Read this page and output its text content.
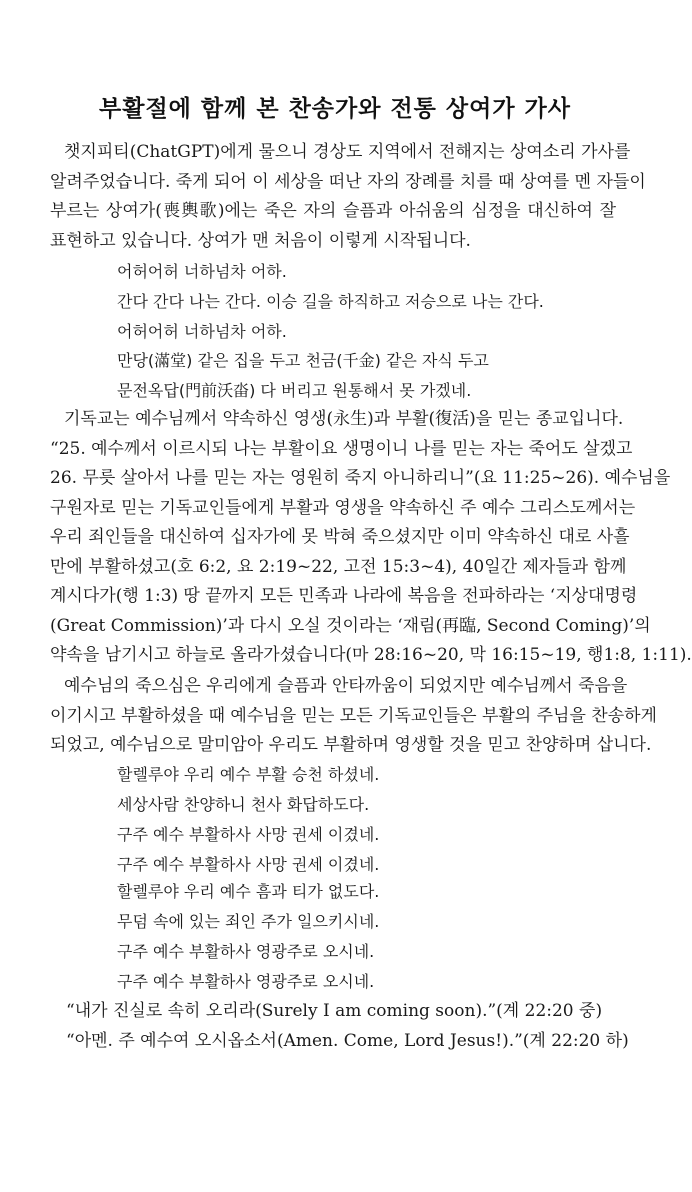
부활절에 함께 본 찬송가와 전통 상여가 가사

챗지피티(ChatGPT)에게 물으니 경상도 지역에서 전해지는 상여소리 가사를
알려주었습니다. 죽게 되어 이 세상을 떠난 자의 장례를 치를 때 상여를 멘 자들이
부르는 상여가(喪輿歌)에는 죽은 자의 슬픔과 아쉬움의 심정을 대신하여 잘
표현하고 있습니다. 상여가 맨 처음이 이렇게 시작됩니다.

어허어허 너하넘차 어하.
간다 간다 나는 간다. 이승 길을 하직하고 저승으로 나는 간다.
어허어허 너하넘차 어하.
만당(滿堂) 같은 집을 두고 천금(千金) 같은 자식 두고
문전옥답(門前沃畓) 다 버리고 원통해서 못 가겠네.

기독교는 예수님께서 약속하신 영생(永生)과 부활(復活)을 믿는 종교입니다.
“25. 예수께서 이르시되 나는 부활이요 생명이니 나를 믿는 자는 죽어도 살겠고
26. 무릇 살아서 나를 믿는 자는 영원히 죽지 아니하리니”(요 11:25~26). 예수님을
구원자로 믿는 기독교인들에게 부활과 영생을 약속하신 주 예수 그리스도께서는
우리 죄인들을 대신하여 십자가에 못 박혀 죽으셨지만 이미 약속하신 대로 사흘
만에 부활하셨고(호 6:2, 요 2:19~22, 고전 15:3~4), 40일간 제자들과 함께
계시다가(행 1:3) 땅 끝까지 모든 민족과 나라에 복음을 전파하라는 ‘지상대명령
(Great Commission)’과 다시 오실 것이라는 ‘재림(再臨, Second Coming)’의
약속을 남기시고 하늘로 올라가셨습니다(마 28:16~20, 막 16:15~19, 행1:8, 1:11).

예수님의 죽으심은 우리에게 슬픔과 안타까움이 되었지만 예수님께서 죽음을
이기시고 부활하셨을 때 예수님을 믿는 모든 기독교인들은 부활의 주님을 찬송하게
되었고, 예수님으로 말미암아 우리도 부활하며 영생할 것을 믿고 찬양하며 삽니다.

할렐루야 우리 예수 부활 승천 하셨네.
세상사람 찬양하니 천사 화답하도다.
구주 예수 부활하사 사망 권세 이겼네.
구주 예수 부활하사 사망 권세 이겼네.
할렐루야 우리 예수 흠과 티가 없도다.
무덤 속에 있는 죄인 주가 일으키시네.
구주 예수 부활하사 영광주로 오시네.
구주 예수 부활하사 영광주로 오시네.
“내가 진실로 속히 오리라(Surely I am coming soon).”(계 22:20 중)
“아멘. 주 예수여 오시옵소서(Amen. Come, Lord Jesus!).”(계 22:20 하)
